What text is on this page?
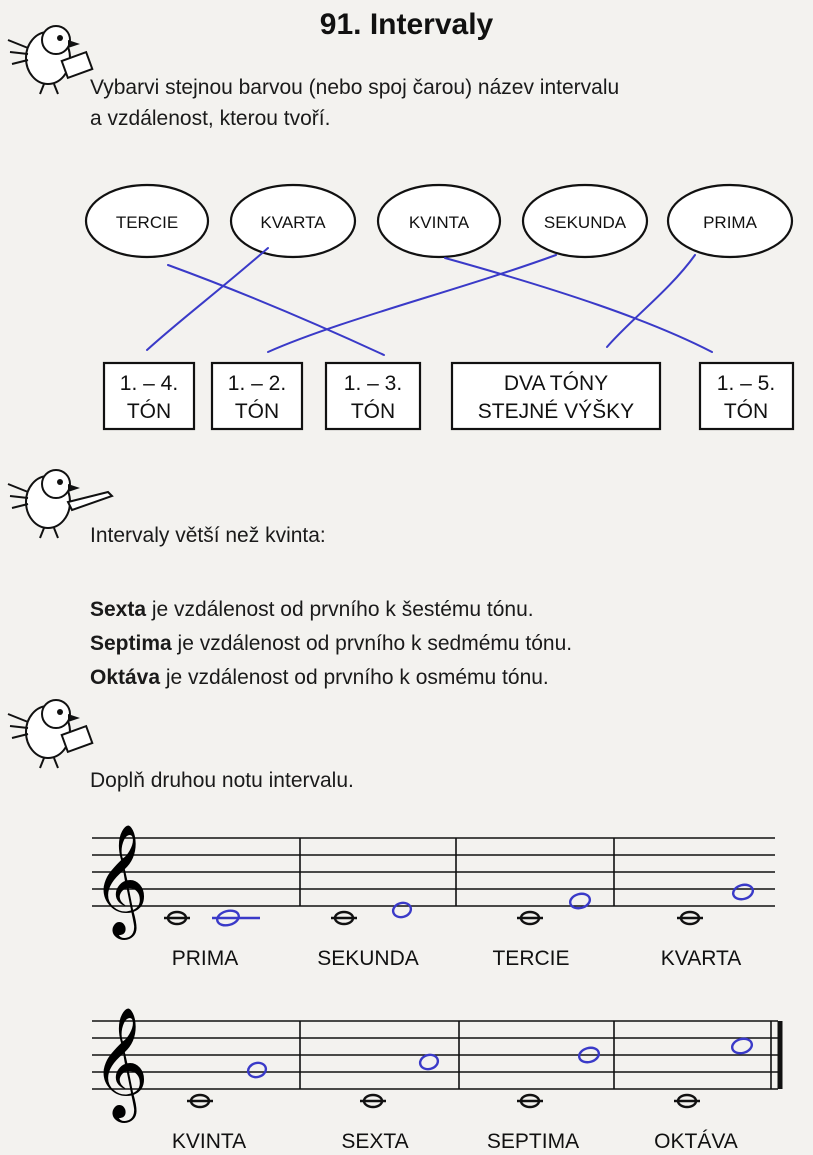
91. Intervaly
Vybarvi stejnou barvou (nebo spoj čarou) název intervalu
a vzdálenost, kterou tvoří.
Intervaly větší než kvinta:
Sexta je vzdálenost od prvního k šestému tónu.
Septima je vzdálenost od prvního k sedmému tónu.
Oktáva je vzdálenost od prvního k osmému tónu.
Doplň druhou notu intervalu.
TERCIE	KVARTA	KVINTA	SEKUNDA	PRIMA
1. – 4.
TÓN
1. – 2.
TÓN
1. – 3.
TÓN
DVA TÓNY
STEJNÉ VÝŠKY
1. – 5.
TÓN
𝄞
PRIMA	SEKUNDA	TERCIE	KVARTA
𝄞
KVINTA	SEXTA	SEPTIMA	OKTÁVA
